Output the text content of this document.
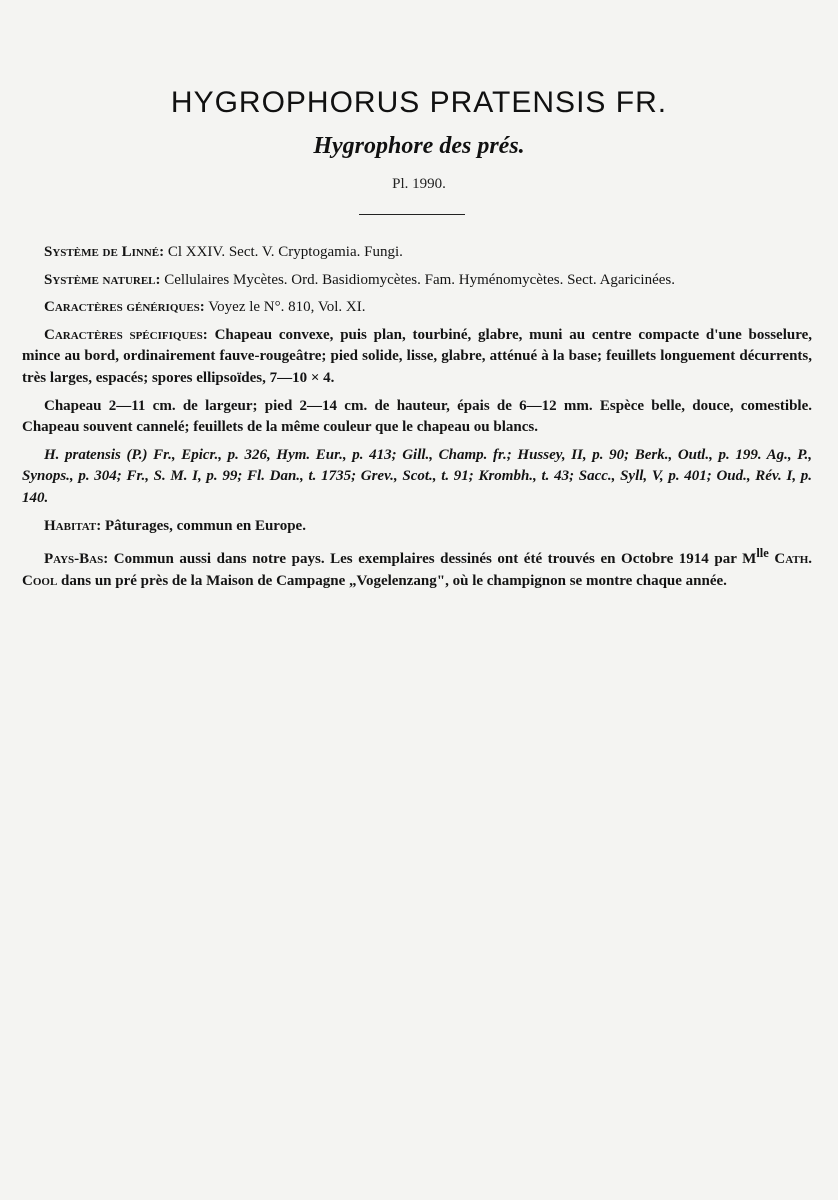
HYGROPHORUS PRATENSIS FR.
Hygrophore des prés.
Pl. 1990.

Système de Linné: Cl XXIV. Sect. V. Cryptogamia. Fungi.

Système naturel: Cellulaires Mycètes. Ord. Basidiomycètes. Fam. Hyménomycètes. Sect. Agaricinées.

Caractères génériques: Voyez le N°. 810, Vol. XI.

Caractères spécifiques: Chapeau convexe, puis plan, tourbiné, glabre, muni au centre compacte d'une bosselure, mince au bord, ordinairement fauve-rougeâtre; pied solide, lisse, glabre, atténué à la base; feuillets longuement décurrents, très larges, espacés; spores ellipsoïdes, 7—10 × 4.

Chapeau 2—11 cm. de largeur; pied 2—14 cm. de hauteur, épais de 6—12 mm. Espèce belle, douce, comestible. Chapeau souvent cannelé; feuillets de la même couleur que le chapeau ou blancs.

H. pratensis (P.) Fr., Epicr., p. 326, Hym. Eur., p. 413; Gill., Champ. fr.; Hussey, II, p. 90; Berk., Outl., p. 199. Ag., P., Synops., p. 304; Fr., S. M. I, p. 99; Fl. Dan., t. 1735; Grev., Scot., t. 91; Krombh., t. 43; Sacc., Syll, V, p. 401; Oud., Rév. I, p. 140.

Habitat: Pâturages, commun en Europe.

Pays-Bas: Commun aussi dans notre pays. Les exemplaires dessinés ont été trouvés en Octobre 1914 par $M^{lle}$ Cath. Cool dans un pré près de la Maison de Campagne „Vogelenzang", où le champignon se montre chaque année.
